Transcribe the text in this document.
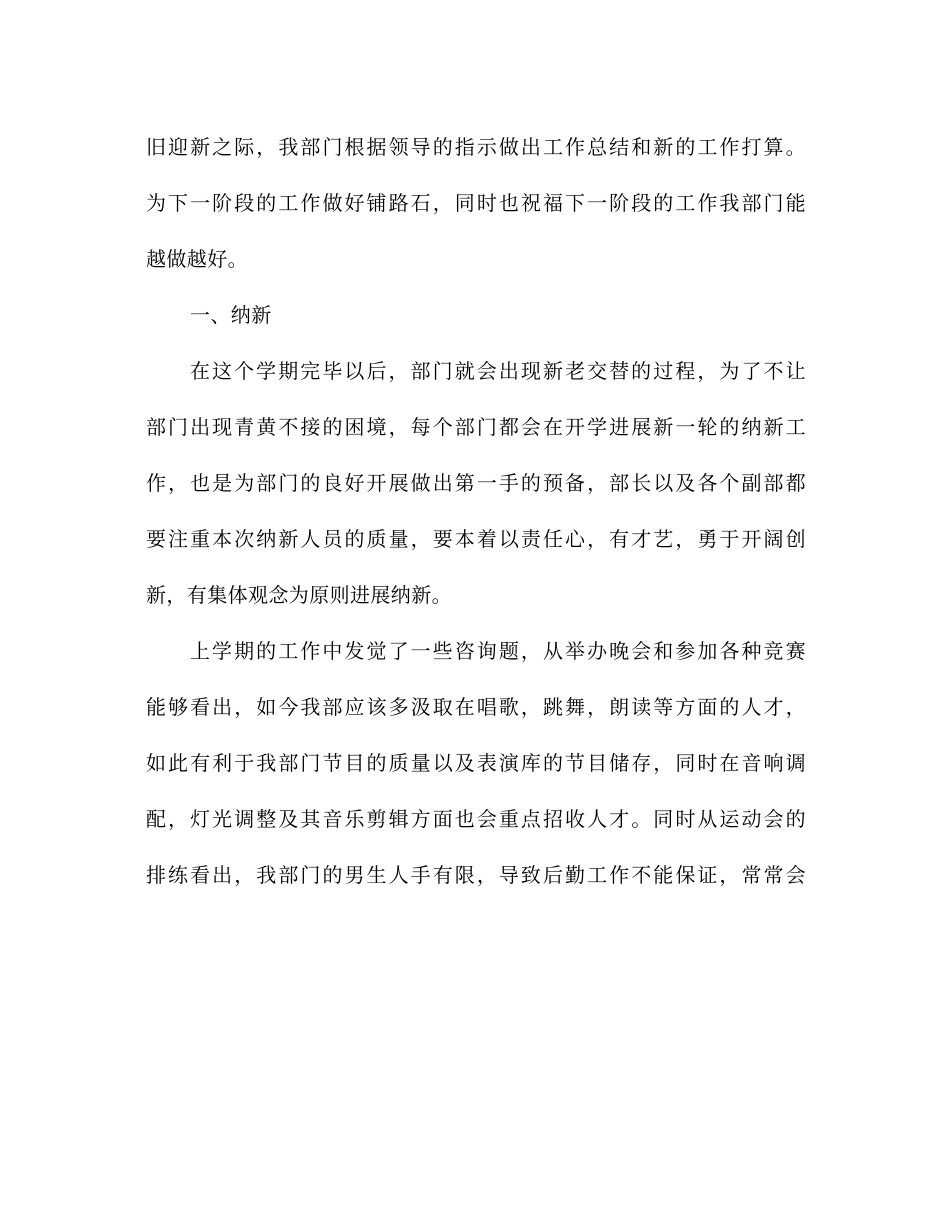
旧迎新之际，我部门根据领导的指示做出工作总结和新的工作打算。
为下一阶段的工作做好铺路石，同时也祝福下一阶段的工作我部门能
越做越好。
一、纳新
在这个学期完毕以后，部门就会出现新老交替的过程，为了不让
部门出现青黄不接的困境，每个部门都会在开学进展新一轮的纳新工
作，也是为部门的良好开展做出第一手的预备，部长以及各个副部都
要注重本次纳新人员的质量，要本着以责任心，有才艺，勇于开阔创
新，有集体观念为原则进展纳新。
上学期的工作中发觉了一些咨询题，从举办晚会和参加各种竞赛
能够看出，如今我部应该多汲取在唱歌，跳舞，朗读等方面的人才，
如此有利于我部门节目的质量以及表演库的节目储存，同时在音响调
配，灯光调整及其音乐剪辑方面也会重点招收人才。同时从运动会的
排练看出，我部门的男生人手有限，导致后勤工作不能保证，常常会
